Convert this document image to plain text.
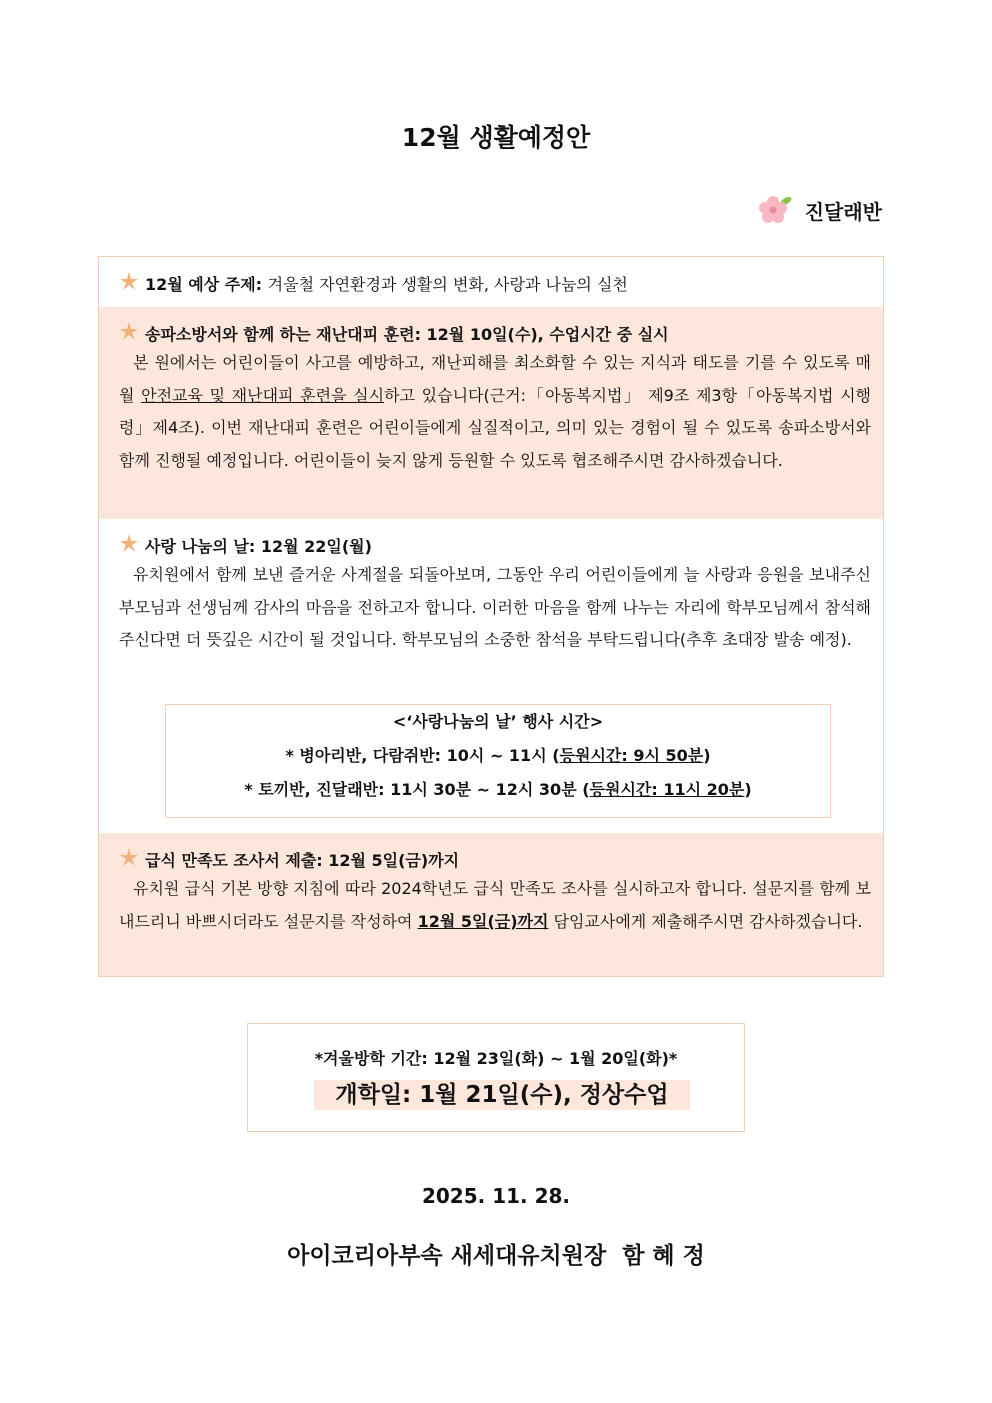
12월 생활예정안
진달래반
12월 예상 주제:
겨울철 자연환경과 생활의 변화, 사랑과 나눔의 실천
송파소방서와 함께 하는 재난대피 훈련: 12월 10일(수), 수업시간 중 실시

본 원에서는 어린이들이 사고를 예방하고, 재난피해를 최소화할 수 있는 지식과 태도를 기를 수 있도록 매월 안전교육 및 재난대피 훈련을 실시하고 있습니다(근거:「아동복지법」 제9조 제3항「아동복지법 시행령」제4조). 이번 재난대피 훈련은 어린이들에게 실질적이고, 의미 있는 경험이 될 수 있도록 송파소방서와 함께 진행될 예정입니다. 어린이들이 늦지 않게 등원할 수 있도록 협조해주시면 감사하겠습니다.

사랑 나눔의 날: 12월 22일(월)

유치원에서 함께 보낸 즐거운 사계절을 되돌아보며, 그동안 우리 어린이들에게 늘 사랑과 응원을 보내주신 부모님과 선생님께 감사의 마음을 전하고자 합니다. 이러한 마음을 함께 나누는 자리에 학부모님께서 참석해주신다면 더 뜻깊은 시간이 될 것입니다. 학부모님의 소중한 참석을 부탁드립니다(추후 초대장 발송 예정).

<‘사랑나눔의 날’ 행사 시간>
* 병아리반, 다람쥐반: 10시 ~ 11시 (등원시간: 9시 50분)
* 토끼반, 진달래반: 11시 30분 ~ 12시 30분 (등원시간: 11시 20분)
급식 만족도 조사서 제출: 12월 5일(금)까지

유치원 급식 기본 방향 지침에 따라 2024학년도 급식 만족도 조사를 실시하고자 합니다. 설문지를 함께 보내드리니 바쁘시더라도 설문지를 작성하여 12월 5일(금)까지 담임교사에게 제출해주시면 감사하겠습니다.

*겨울방학 기간: 12월 23일(화) ~ 1월 20일(화)*
개학일: 1월 21일(수), 정상수업
2025. 11. 28.
아이코리아부속 새세대유치원장  함 혜 정
